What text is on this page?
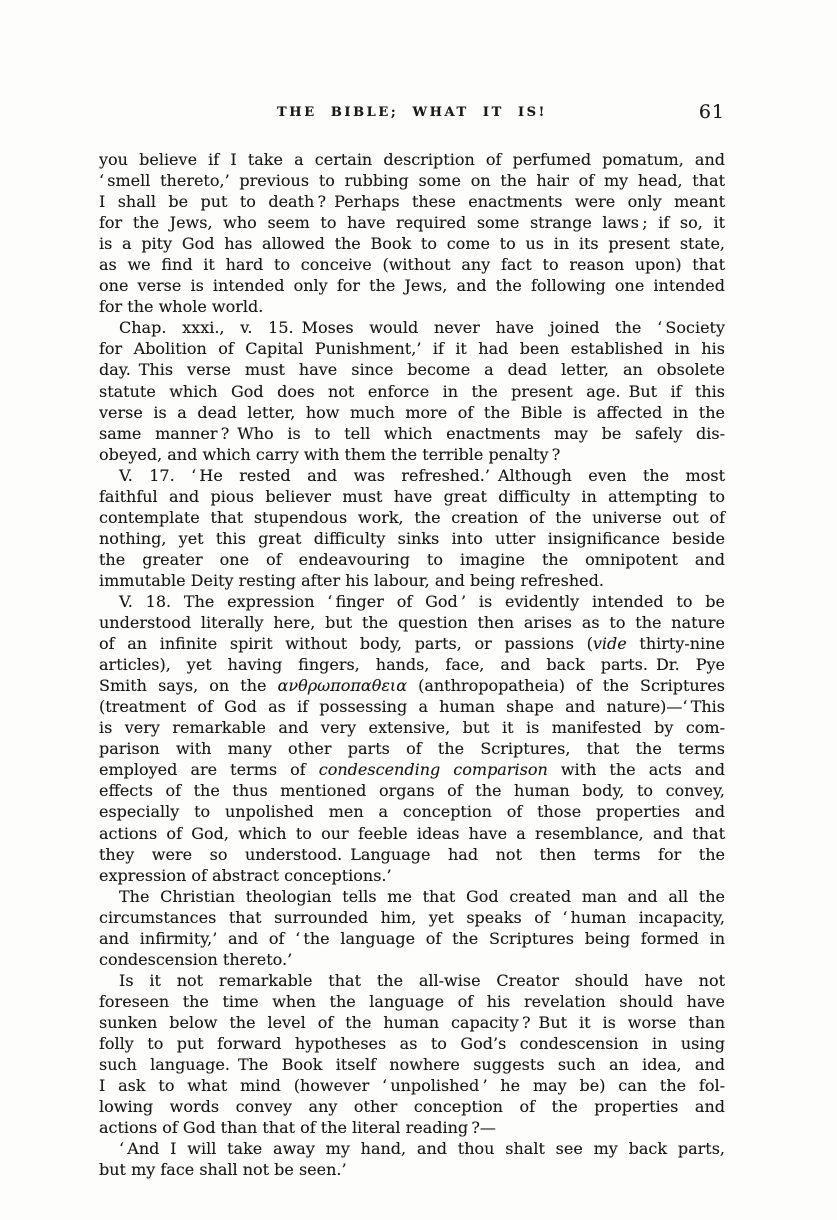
THE BIBLE; WHAT IT IS!	61
you believe if I take a certain description of perfumed pomatum, and
‘ smell thereto,’ previous to rubbing some on the hair of my head, that
I shall be put to death ? Perhaps these enactments were only meant
for the Jews, who seem to have required some strange laws ; if so, it
is a pity God has allowed the Book to come to us in its present state,
as we find it hard to conceive (without any fact to reason upon) that
one verse is intended only for the Jews, and the following one intended
for the whole world.
Chap. xxxi., v. 15. Moses would never have joined the ‘ Society
for Abolition of Capital Punishment,’ if it had been established in his
day. This verse must have since become a dead letter, an obsolete
statute which God does not enforce in the present age. But if this
verse is a dead letter, how much more of the Bible is affected in the
same manner ? Who is to tell which enactments may be safely dis-
obeyed, and which carry with them the terrible penalty ?
V. 17. ‘ He rested and was refreshed.’ Although even the most
faithful and pious believer must have great difficulty in attempting to
contemplate that stupendous work, the creation of the universe out of
nothing, yet this great difficulty sinks into utter insignificance beside
the greater one of endeavouring to imagine the omnipotent and
immutable Deity resting after his labour, and being refreshed.
V. 18. The expression ‘ finger of God ’ is evidently intended to be
understood literally here, but the question then arises as to the nature
of an infinite spirit without body, parts, or passions (vide thirty-nine
articles), yet having fingers, hands, face, and back parts. Dr. Pye
Smith says, on the ανθρωποπαθεια (anthropopatheia) of the Scriptures
(treatment of God as if possessing a human shape and nature)—‘ This
is very remarkable and very extensive, but it is manifested by com-
parison with many other parts of the Scriptures, that the terms
employed are terms of condescending comparison with the acts and
effects of the thus mentioned organs of the human body, to convey,
especially to unpolished men a conception of those properties and
actions of God, which to our feeble ideas have a resemblance, and that
they were so understood. Language had not then terms for the
expression of abstract conceptions.’
The Christian theologian tells me that God created man and all the
circumstances that surrounded him, yet speaks of ‘ human incapacity,
and infirmity,’ and of ‘ the language of the Scriptures being formed in
condescension thereto.’
Is it not remarkable that the all-wise Creator should have not
foreseen the time when the language of his revelation should have
sunken below the level of the human capacity ? But it is worse than
folly to put forward hypotheses as to God’s condescension in using
such language. The Book itself nowhere suggests such an idea, and
I ask to what mind (however ‘ unpolished ’ he may be) can the fol-
lowing words convey any other conception of the properties and
actions of God than that of the literal reading ?—
‘ And I will take away my hand, and thou shalt see my back parts,
but my face shall not be seen.’
